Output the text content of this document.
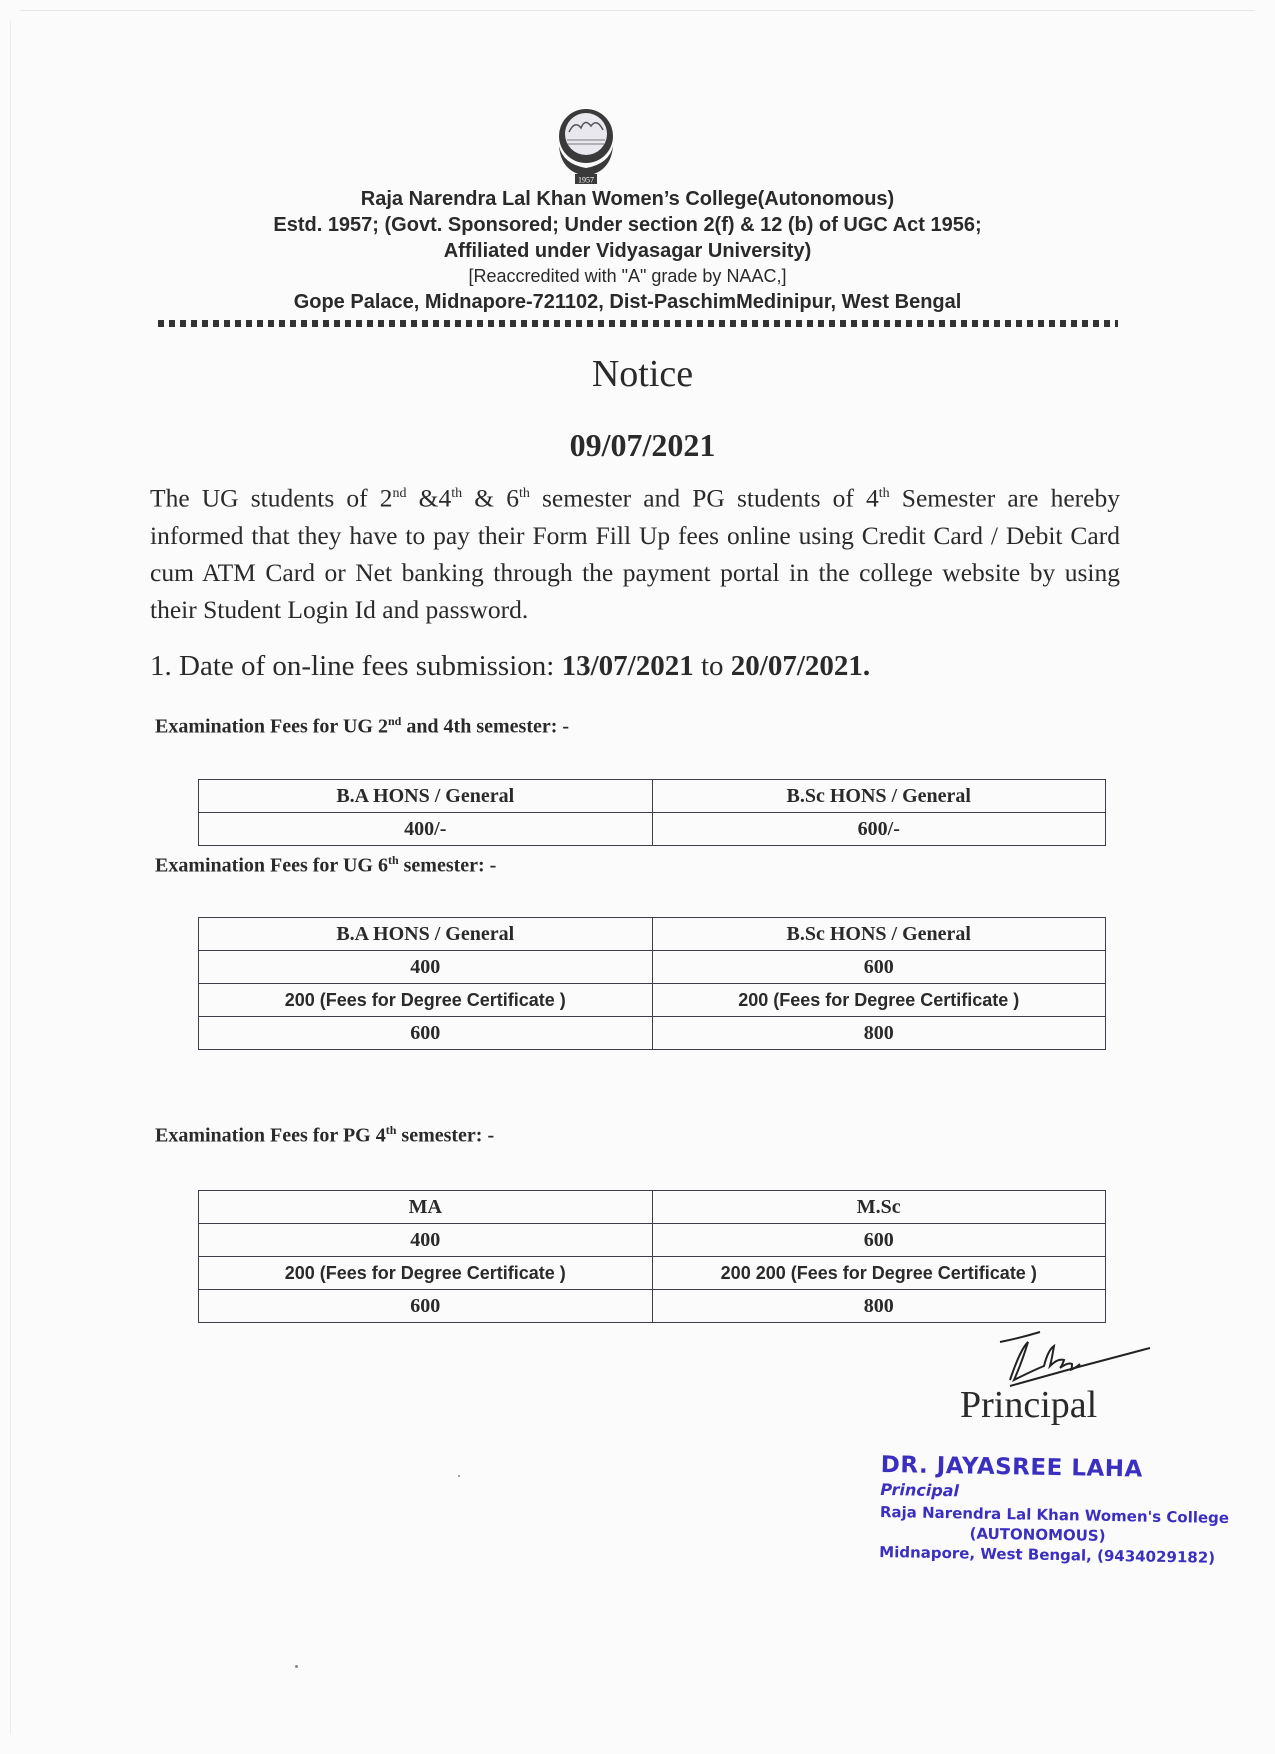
1957
Raja Narendra Lal Khan Women’s College(Autonomous)
Estd. 1957; (Govt. Sponsored; Under section 2(f) & 12 (b) of UGC Act 1956;
Affiliated under Vidyasagar University)
[Reaccredited with "A" grade by NAAC,]
Gope Palace, Midnapore-721102, Dist-PaschimMedinipur, West Bengal
Notice
09/07/2021
The UG students of 2nd &4th & 6th semester and PG students of 4th Semester are hereby informed that they have to pay their Form Fill Up fees online using Credit Card / Debit Card cum ATM Card or Net banking through the payment portal in the college website by using their Student Login Id and password.
1. Date of on-line fees submission: 13/07/2021 to 20/07/2021.
Examination Fees for UG 2nd and 4th semester: -
B.A HONS / General	B.Sc HONS / General
400/-	600/-
Examination Fees for UG 6th semester: -
B.A HONS / General	B.Sc HONS / General
400	600
200 (Fees for Degree Certificate )	200 (Fees for Degree Certificate )
600	800
Examination Fees for PG 4th semester: -
MA	M.Sc
400	600
200 (Fees for Degree Certificate )	200 200 (Fees for Degree Certificate )
600	800
Principal
DR. JAYASREE LAHA
Principal
Raja Narendra Lal Khan Women's College
(AUTONOMOUS)
Midnapore, West Bengal, (9434029182)
